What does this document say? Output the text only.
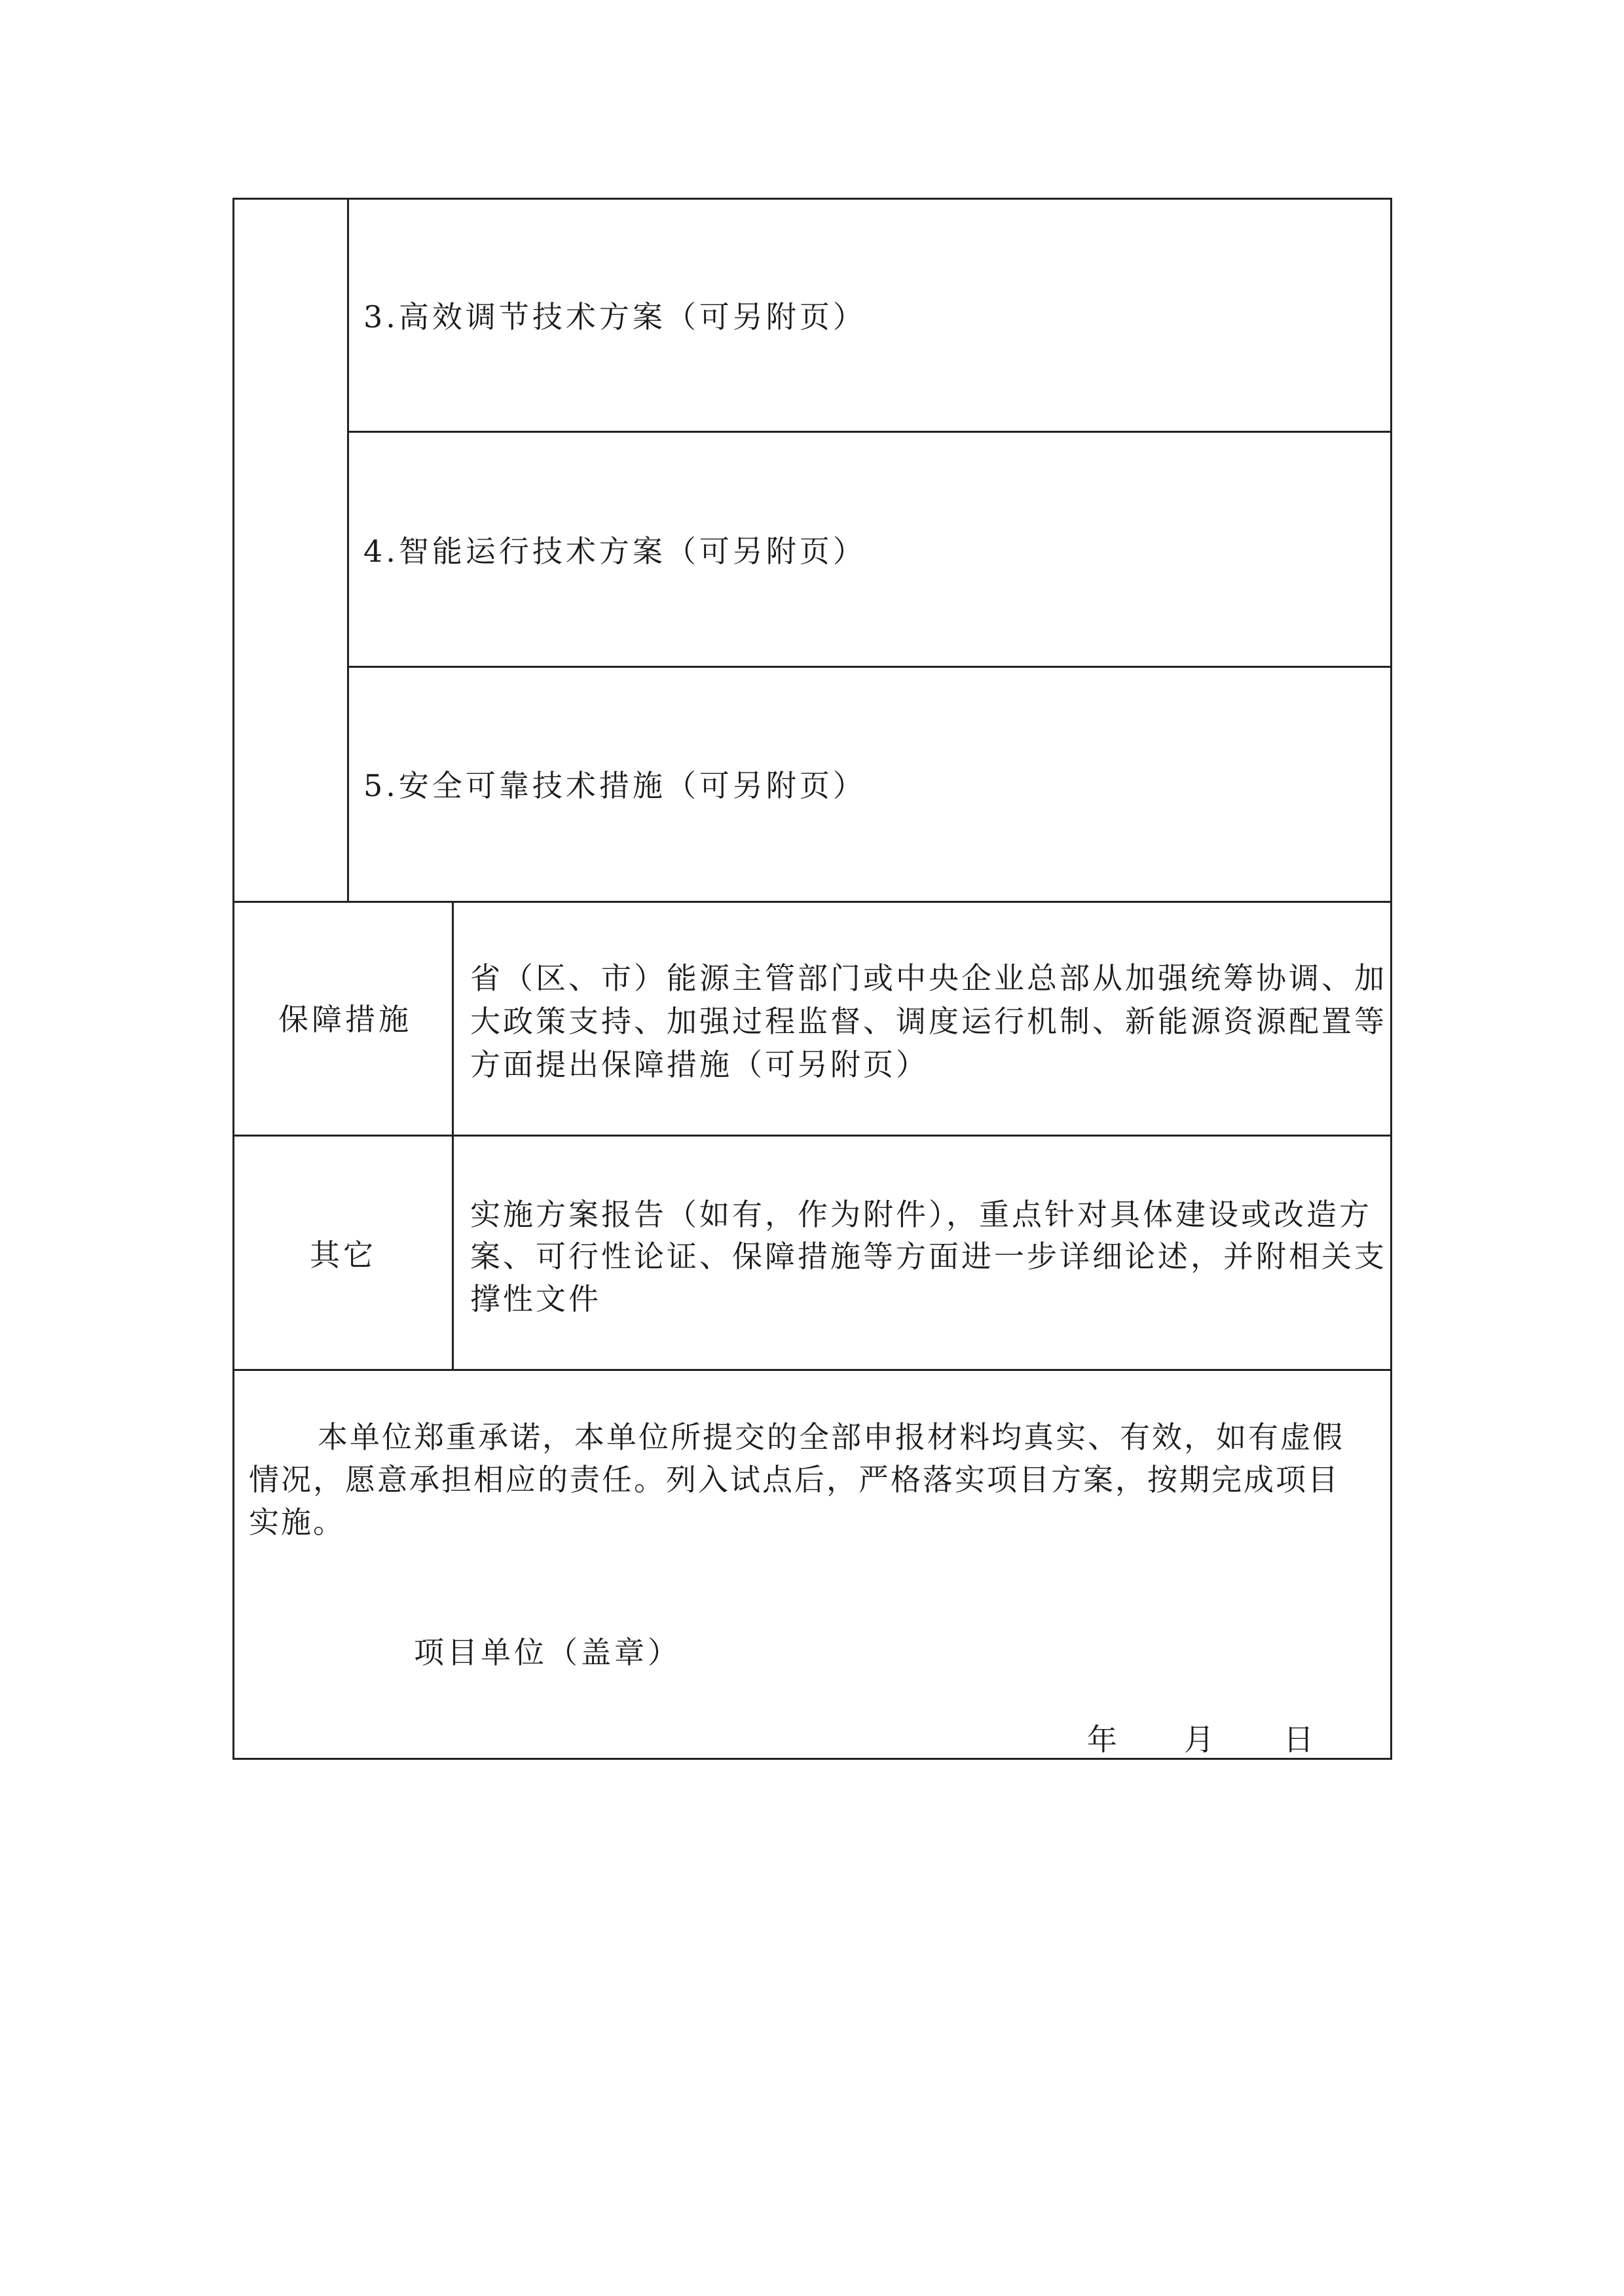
3.高效调节技术方案（可另附页）
4.智能运行技术方案（可另附页）
5.安全可靠技术措施（可另附页）
保障措施
省（区、市）能源主管部门或中央企业总部从加强统筹协调、加
大政策支持、加强过程监督、调度运行机制、新能源资源配置等
方面提出保障措施（可另附页）
其它
实施方案报告（如有，作为附件），重点针对具体建设或改造方
案、可行性论证、保障措施等方面进一步详细论述，并附相关支
撑性文件
本单位郑重承诺，本单位所提交的全部申报材料均真实、有效，如有虚假
情况，愿意承担相应的责任。列入试点后，严格落实项目方案，按期完成项目
实施。
项目单位（盖章）
年 月 日
